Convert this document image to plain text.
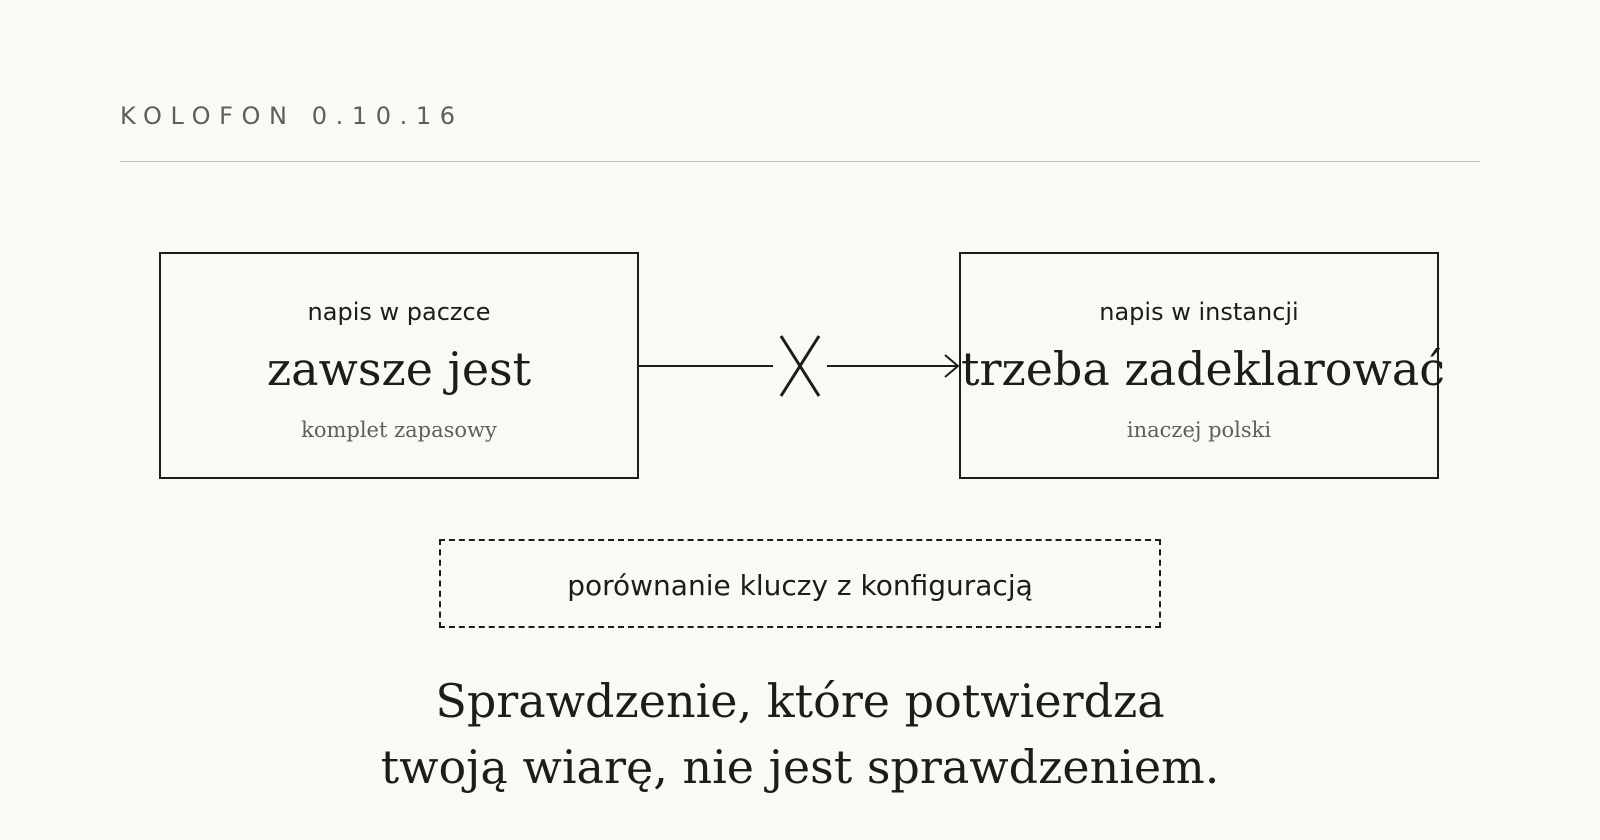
KOLOFON 0.10.16
napis w paczce
zawsze jest
komplet zapasowy
napis w instancji
trzeba zadeklarować
inaczej polski
porównanie kluczy z konfiguracją
Sprawdzenie, które potwierdza
twoją wiarę, nie jest sprawdzeniem.
